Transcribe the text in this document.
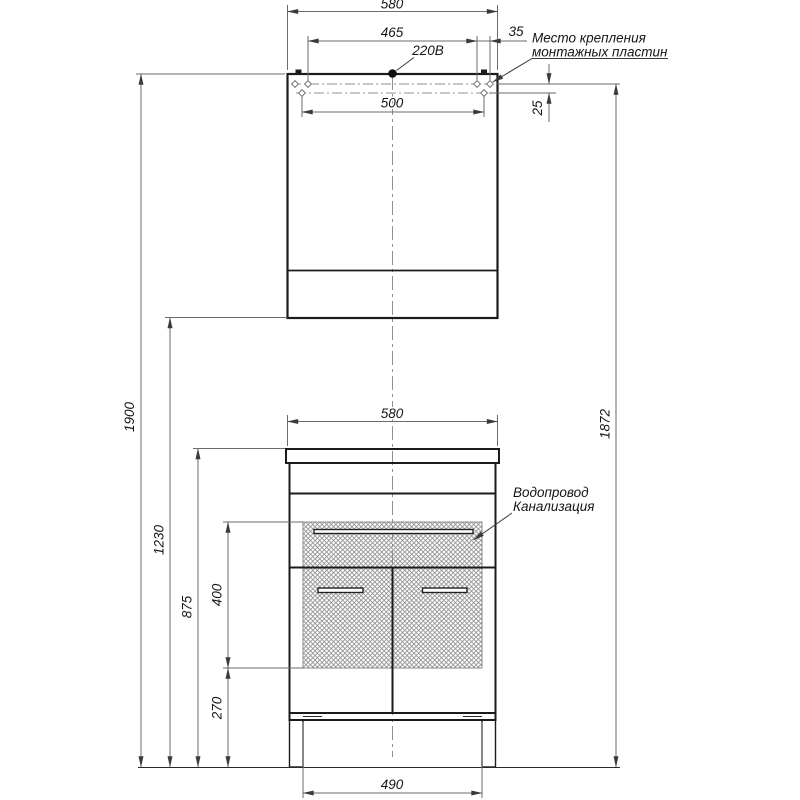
580
465	35
500	25
220В
Место крепления
монтажных пластин
1872
1900
1230
875
400
270
580
490
Водопровод
Канализация
